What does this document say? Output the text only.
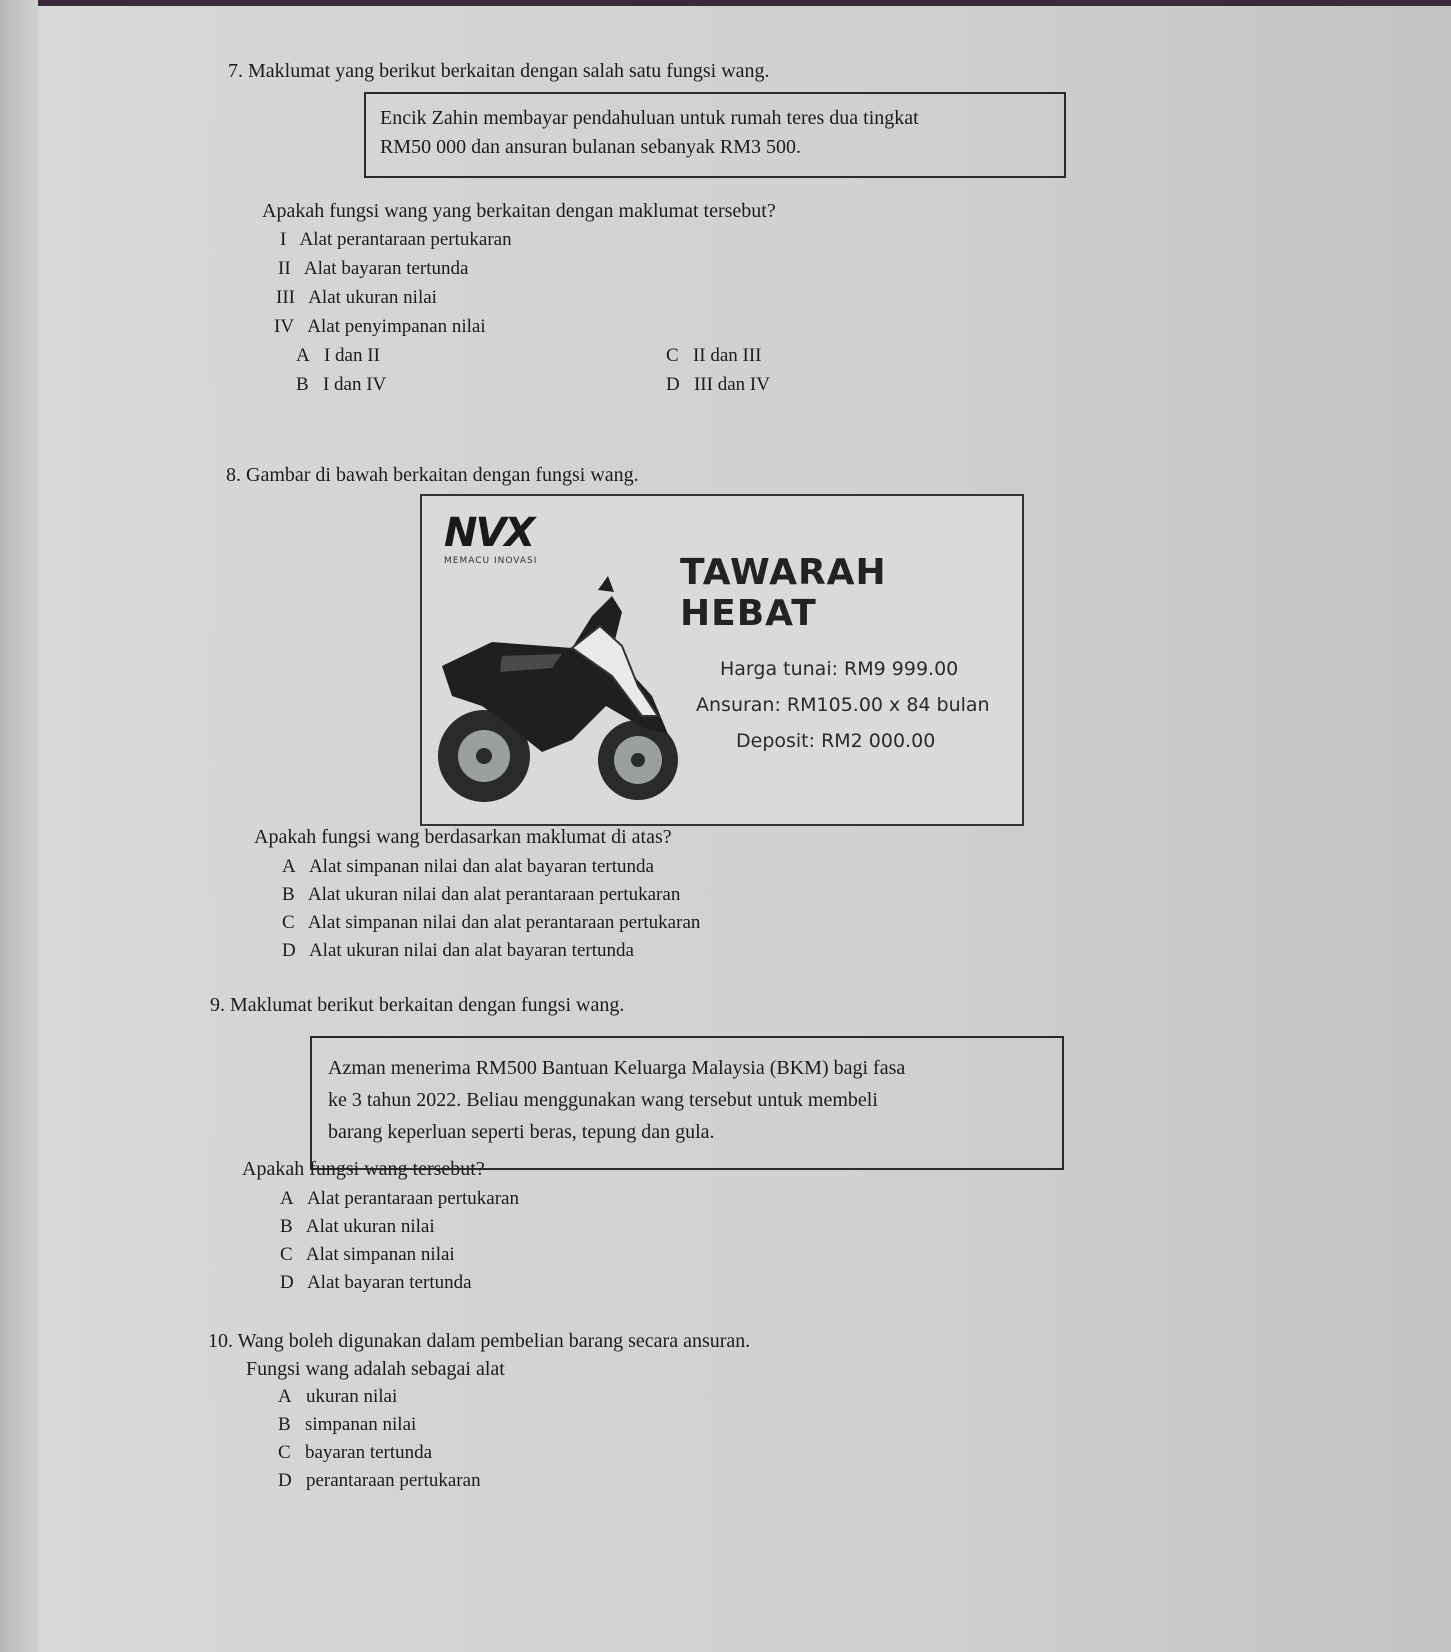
7. Maklumat yang berikut berkaitan dengan salah satu fungsi wang.
Encik Zahin membayar pendahuluan untuk rumah teres dua tingkat
RM50 000 dan ansuran bulanan sebanyak RM3 500.
Apakah fungsi wang yang berkaitan dengan maklumat tersebut?
I Alat perantaraan pertukaran
II Alat bayaran tertunda
III Alat ukuran nilai
IV Alat penyimpanan nilai
A I dan II	C II dan III
B I dan IV	D III dan IV
8. Gambar di bawah berkaitan dengan fungsi wang.
NVX
MEMACU INOVASI	TAWARAH HEBAT
Harga tunai: RM9 999.00
Ansuran: RM105.00 x 84 bulan
Deposit: RM2 000.00
Apakah fungsi wang berdasarkan maklumat di atas?
A Alat simpanan nilai dan alat bayaran tertunda
B Alat ukuran nilai dan alat perantaraan pertukaran
C Alat simpanan nilai dan alat perantaraan pertukaran
D Alat ukuran nilai dan alat bayaran tertunda
9. Maklumat berikut berkaitan dengan fungsi wang.
Azman menerima RM500 Bantuan Keluarga Malaysia (BKM) bagi fasa
ke 3 tahun 2022. Beliau menggunakan wang tersebut untuk membeli
barang keperluan seperti beras, tepung dan gula.
Apakah fungsi wang tersebut?
A Alat perantaraan pertukaran
B Alat ukuran nilai
C Alat simpanan nilai
D Alat bayaran tertunda
10. Wang boleh digunakan dalam pembelian barang secara ansuran.
Fungsi wang adalah sebagai alat
A ukuran nilai
B simpanan nilai
C bayaran tertunda
D perantaraan pertukaran
